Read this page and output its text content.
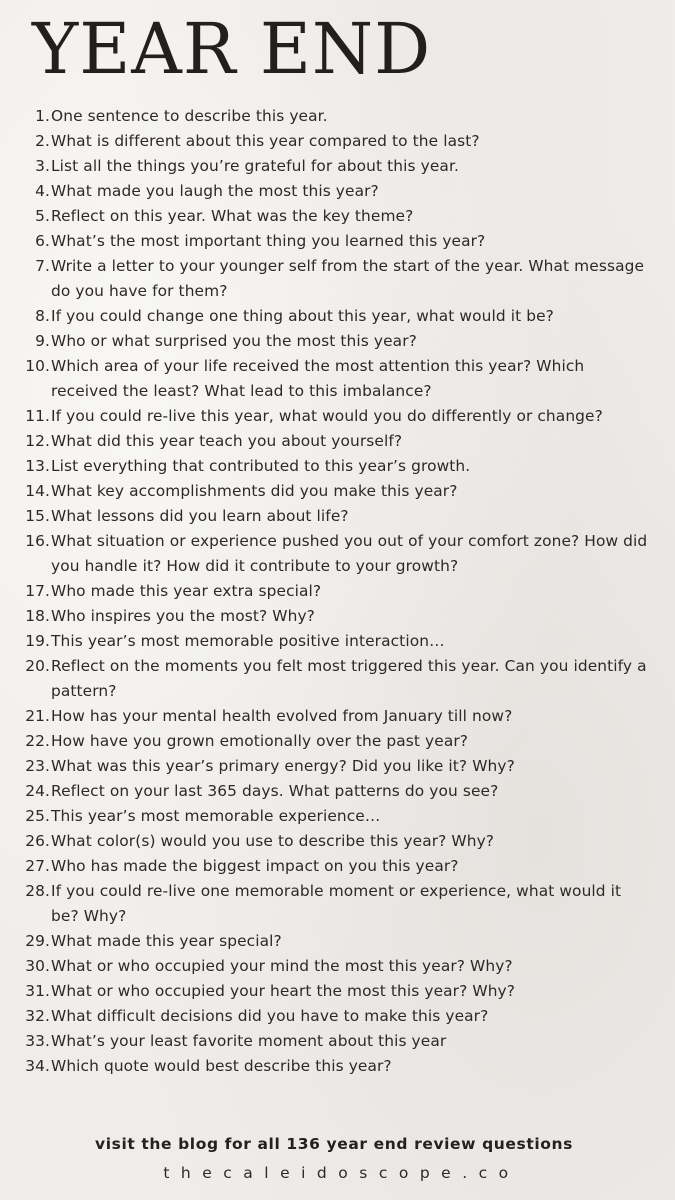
YEAR END
1. One sentence to describe this year.
2. What is different about this year compared to the last?
3. List all the things you’re grateful for about this year.
4. What made you laugh the most this year?
5. Reflect on this year. What was the key theme?
6. What’s the most important thing you learned this year?
7. Write a letter to your younger self from the start of the year. What message do you have for them?
8. If you could change one thing about this year, what would it be?
9. Who or what surprised you the most this year?
10. Which area of your life received the most attention this year? Which received the least? What lead to this imbalance?
11. If you could re-live this year, what would you do differently or change?
12. What did this year teach you about yourself?
13. List everything that contributed to this year’s growth.
14. What key accomplishments did you make this year?
15. What lessons did you learn about life?
16. What situation or experience pushed you out of your comfort zone? How did you handle it? How did it contribute to your growth?
17. Who made this year extra special?
18. Who inspires you the most? Why?
19. This year’s most memorable positive interaction…
20. Reflect on the moments you felt most triggered this year. Can you identify a pattern?
21. How has your mental health evolved from January till now?
22. How have you grown emotionally over the past year?
23. What was this year’s primary energy? Did you like it? Why?
24. Reflect on your last 365 days. What patterns do you see?
25. This year’s most memorable experience…
26. What color(s) would you use to describe this year? Why?
27. Who has made the biggest impact on you this year?
28. If you could re-live one memorable moment or experience, what would it be? Why?
29. What made this year special?
30. What or who occupied your mind the most this year? Why?
31. What or who occupied your heart the most this year? Why?
32. What difficult decisions did you have to make this year?
33. What’s your least favorite moment about this year
34. Which quote would best describe this year?

visit the blog for all 136 year end review questions

thecaleidoscope.co
